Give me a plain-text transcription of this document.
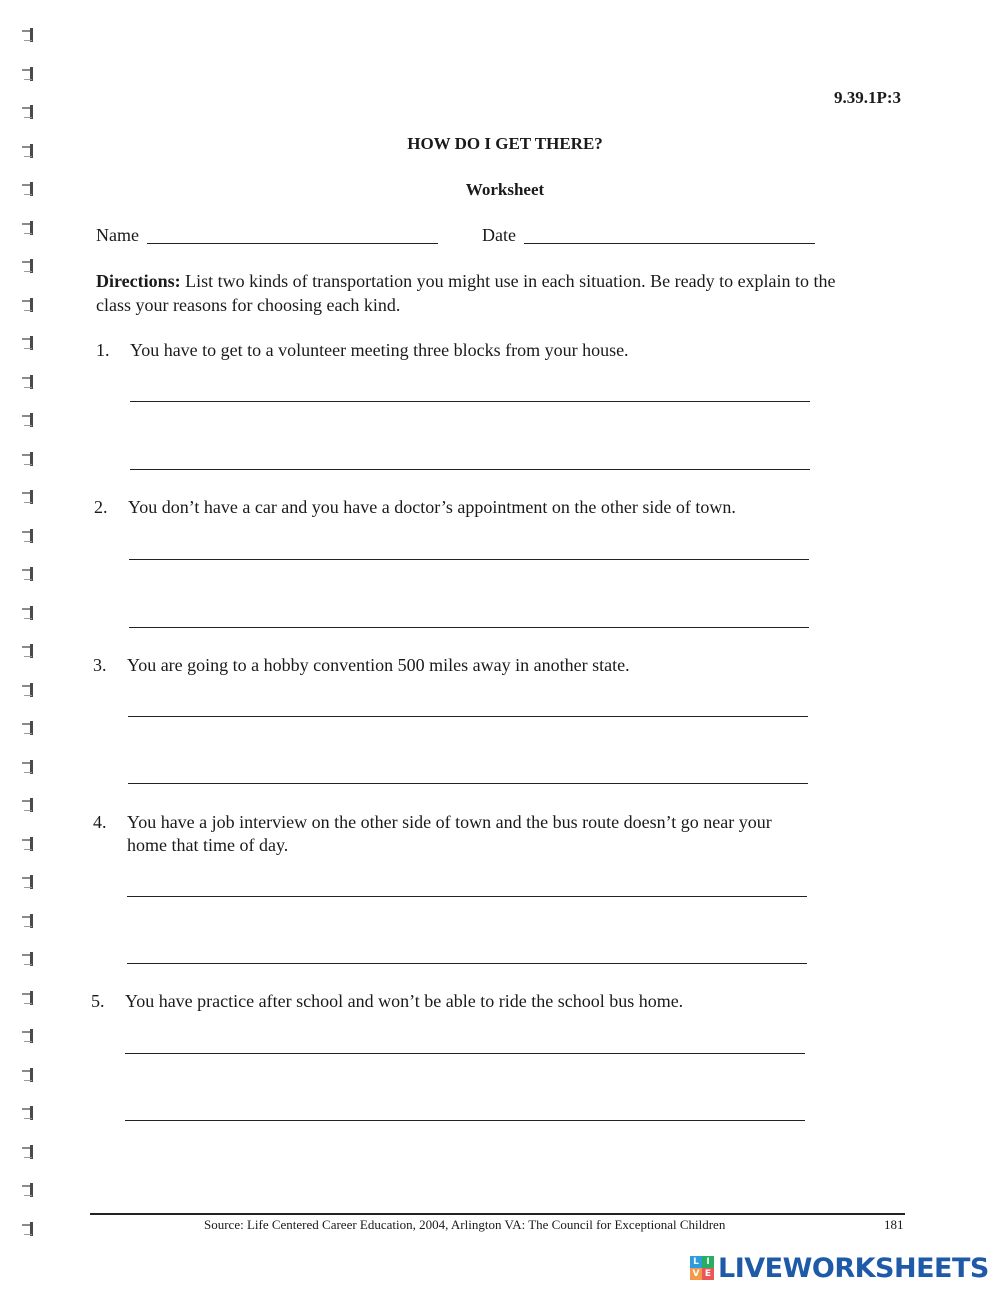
9.39.1P:3
HOW DO I GET THERE?
Worksheet
Name	Date
Directions: List two kinds of transportation you might use in each situation. Be ready to explain to the class your reasons for choosing each kind.
1. You have to get to a volunteer meeting three blocks from your house.
2. You don’t have a car and you have a doctor’s appointment on the other side of town.
3. You are going to a hobby convention 500 miles away in another state.
4. You have a job interview on the other side of town and the bus route doesn’t go near your home that time of day.
5. You have practice after school and won’t be able to ride the school bus home.
Source: Life Centered Career Education, 2004, Arlington VA: The Council for Exceptional Children	181
L I
V E LIVEWORKSHEETS
